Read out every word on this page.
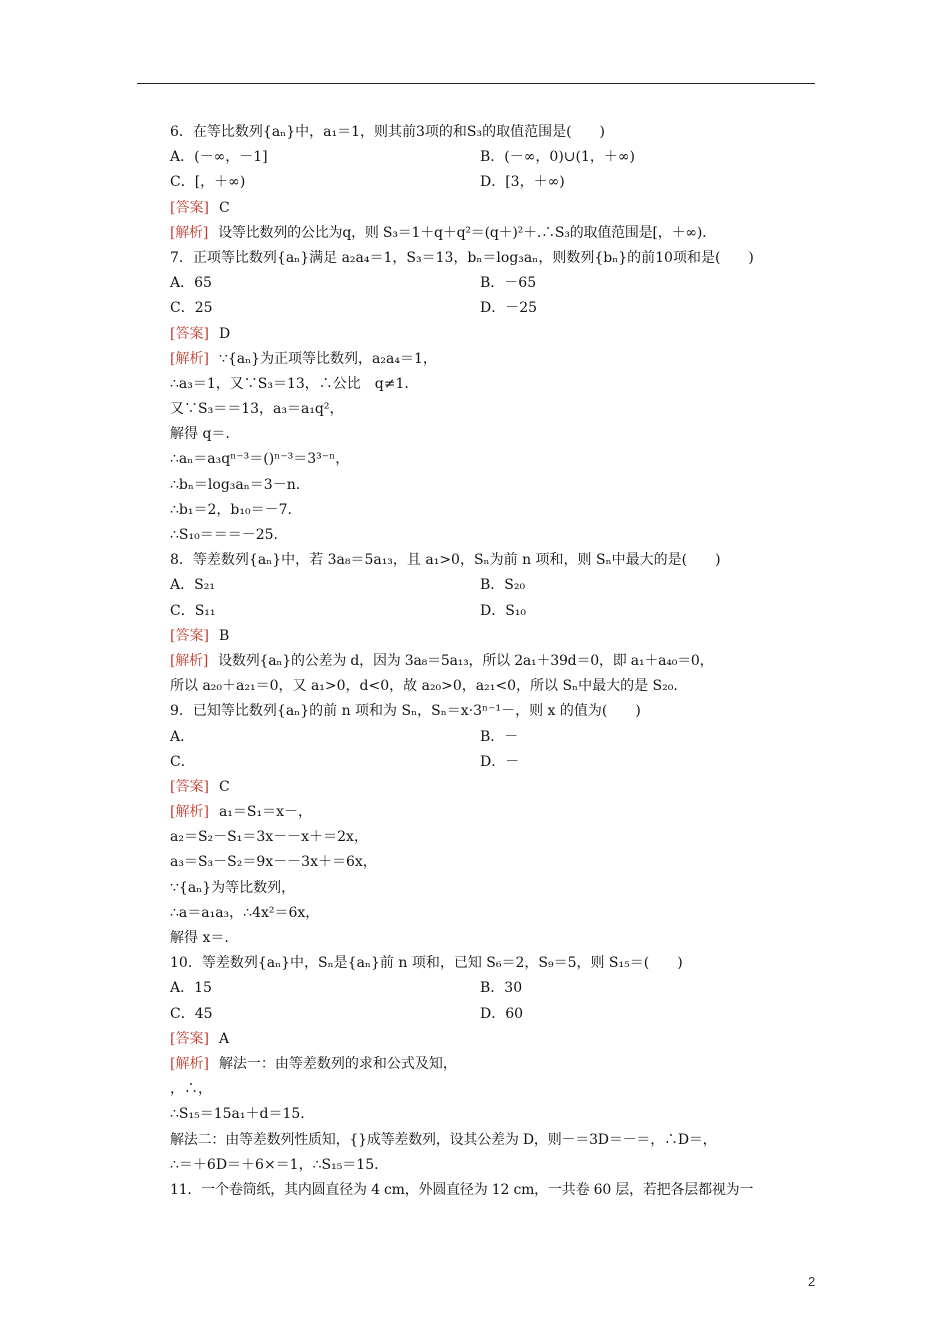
6．在等比数列{aₙ}中，a₁＝1，则其前3项的和S₃的取值范围是(　　)
A．(－∞，－1]	B．(－∞，0)∪(1，＋∞)
C．[，＋∞)	D．[3，＋∞)
[答案] C
[解析] 设等比数列的公比为q，则 S₃＝1＋q＋q²＝(q＋)²＋.∴S₃的取值范围是[，＋∞).
7．正项等比数列{aₙ}满足 a₂a₄＝1，S₃＝13，bₙ＝log₃aₙ，则数列{bₙ}的前10项和是(　　)
A．65	B．－65
C．25	D．－25
[答案] D
[解析] ∵{aₙ}为正项等比数列，a₂a₄＝1，
∴a₃＝1，又∵S₃＝13，∴公比　q≠1.
又∵S₃＝＝13，a₃＝a₁q²，
解得 q＝.
∴aₙ＝a₃qⁿ⁻³＝()ⁿ⁻³＝3³⁻ⁿ，
∴bₙ＝log₃aₙ＝3－n.
∴b₁＝2，b₁₀＝－7.
∴S₁₀＝＝＝－25.
8．等差数列{aₙ}中，若 3a₈＝5a₁₃，且 a₁>0，Sₙ为前 n 项和，则 Sₙ中最大的是(　　)
A．S₂₁	B．S₂₀
C．S₁₁	D．S₁₀
[答案] B
[解析] 设数列{aₙ}的公差为 d，因为 3a₈＝5a₁₃，所以 2a₁＋39d＝0，即 a₁＋a₄₀＝0，
所以 a₂₀＋a₂₁＝0，又 a₁>0，d<0，故 a₂₀>0，a₂₁<0，所以 Sₙ中最大的是 S₂₀.
9．已知等比数列{aₙ}的前 n 项和为 Sₙ，Sₙ＝x·3ⁿ⁻¹－，则 x 的值为(　　)
A．	B．－
C．	D．－
[答案] C
[解析] a₁＝S₁＝x－，
a₂＝S₂－S₁＝3x－－x＋＝2x，
a₃＝S₃－S₂＝9x－－3x＋＝6x，
∵{aₙ}为等比数列，
∴a＝a₁a₃，∴4x²＝6x，
解得 x＝.
10．等差数列{aₙ}中，Sₙ是{aₙ}前 n 项和，已知 S₆＝2，S₉＝5，则 S₁₅＝(　　)
A．15	B．30
C．45	D．60
[答案] A
[解析] 解法一：由等差数列的求和公式及知，
，∴，
∴S₁₅＝15a₁＋d＝15.
解法二：由等差数列性质知，{}成等差数列，设其公差为 D，则－＝3D＝－＝，∴D＝，
∴＝＋6D＝＋6×＝1，∴S₁₅＝15.
11．一个卷筒纸，其内圆直径为 4 cm，外圆直径为 12 cm，一共卷 60 层，若把各层都视为一
2
